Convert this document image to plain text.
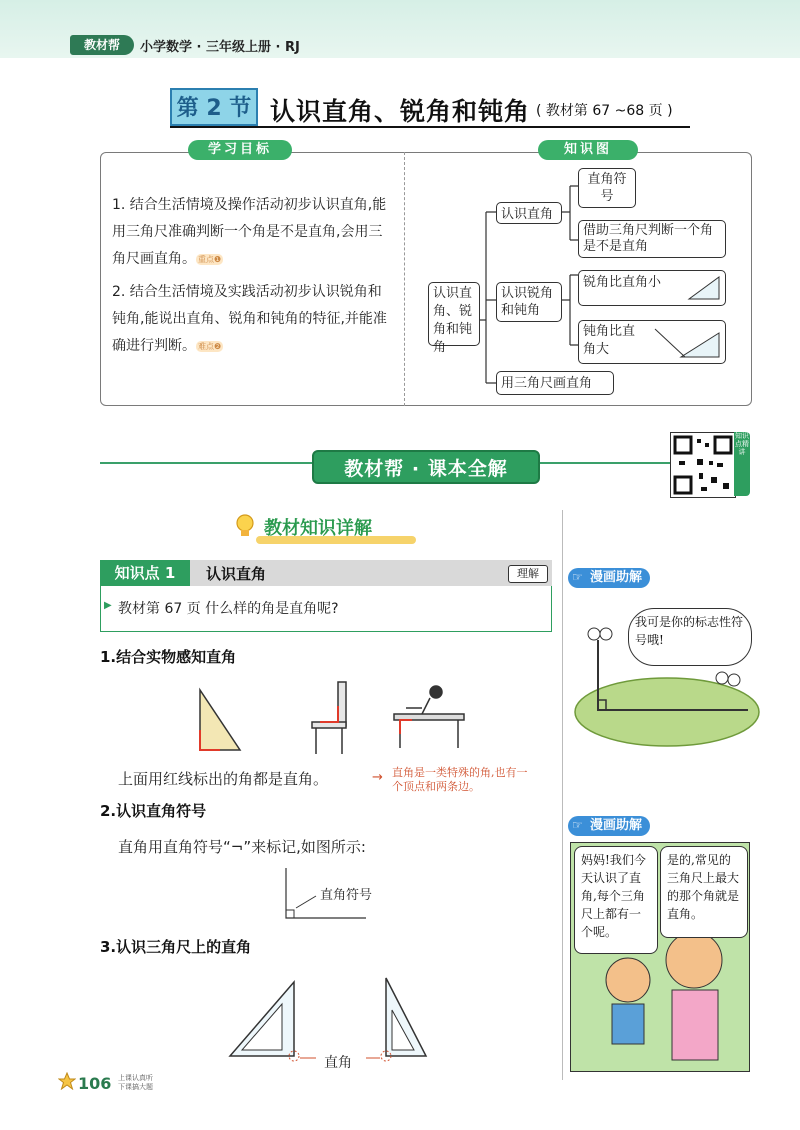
教材帮	小学数学 · 三年级上册 · RJ
第 2 节 认识直角、锐角和钝角 ( 教材第 67 ~68 页 )
学习目标	知识图

1. 结合生活情境及操作活动初步认识直角,能用三角尺准确判断一个角是不是直角,会用三角尺画直角。 重点❶

2. 结合生活情境及实践活动初步认识锐角和钝角,能说出直角、锐角和钝角的特征,并能准确进行判断。 难点❷

认识直角、锐角和钝角
认识直角
认识锐角和钝角
用三角尺画直角
直角符号
借助三角尺判断一个角是不是直角
锐角比直角小
钝角比直角大
教材帮 · 课本全解
知识点精讲
教材知识详解
知识点 1	认识直角	理解
▶ 教材第 67 页 什么样的角是直角呢?
1.结合实物感知直角
上面用红线标出的角都是直角。	→ 直角是一类特殊的角,也有一个顶点和两条边。
2.认识直角符号
直角用直角符号“¬”来标记,如图所示:
直角符号
3.认识三角尺上的直角
直角
漫画助解
☞
我可是你的标志性符号哦!
漫画助解
☞
妈妈!我们今天认识了直角,每个三角尺上都有一个呢。
是的,常见的三角尺上最大的那个角就是直角。
106 上课认真听 下课搞大题
